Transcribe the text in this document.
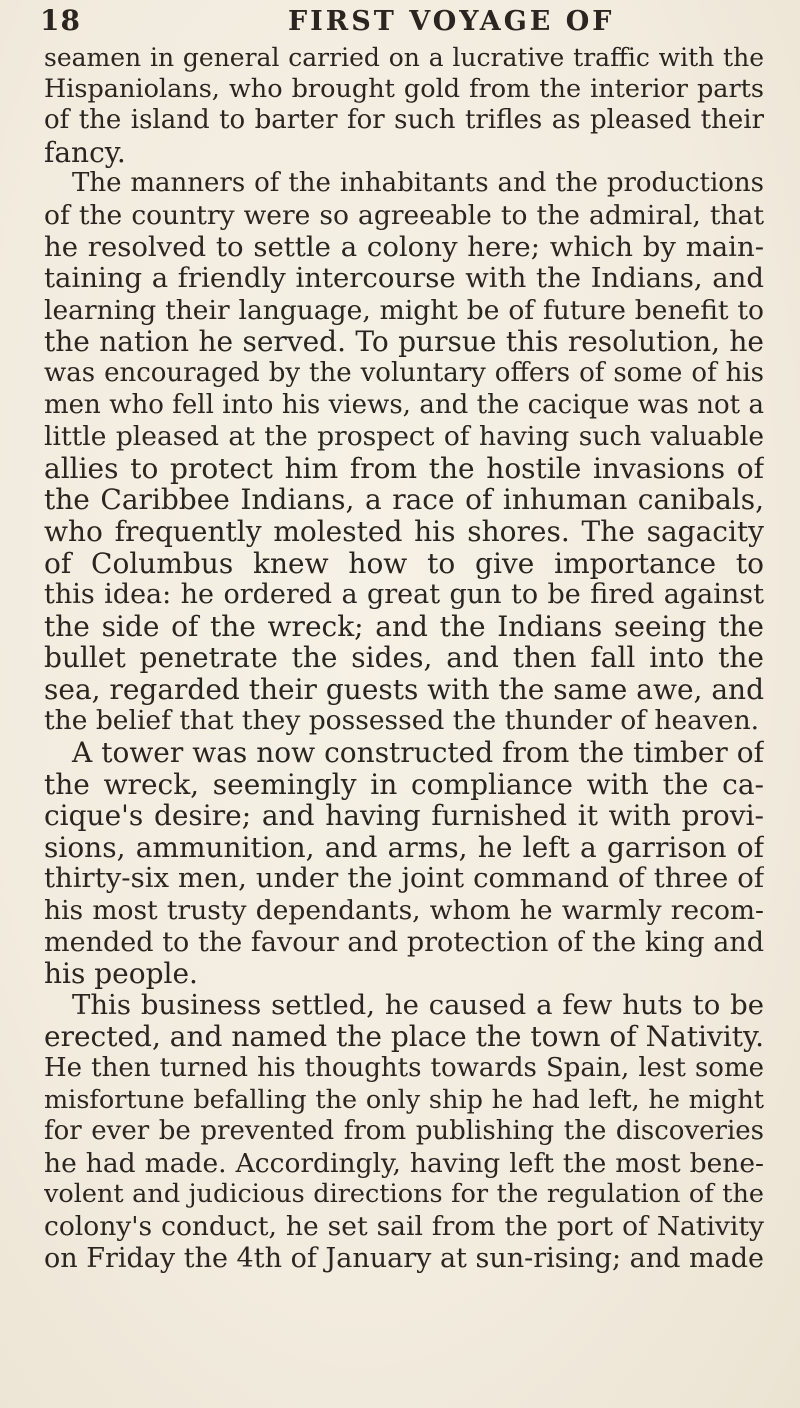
18	FIRST VOYAGE OF
seamen in general carried on a lucrative traffic with the
Hispaniolans, who brought gold from the interior parts
of the island to barter for such trifles as pleased their
fancy.
The manners of the inhabitants and the productions
of the country were so agreeable to the admiral, that
he resolved to settle a colony here; which by main-
taining a friendly intercourse with the Indians, and
learning their language, might be of future benefit to
the nation he served. To pursue this resolution, he
was encouraged by the voluntary offers of some of his
men who fell into his views, and the cacique was not a
little pleased at the prospect of having such valuable
allies to protect him from the hostile invasions of
the Caribbee Indians, a race of inhuman canibals,
who frequently molested his shores. The sagacity
of Columbus knew how to give importance to
this idea: he ordered a great gun to be fired against
the side of the wreck; and the Indians seeing the
bullet penetrate the sides, and then fall into the
sea, regarded their guests with the same awe, and
the belief that they possessed the thunder of heaven.
A tower was now constructed from the timber of
the wreck, seemingly in compliance with the ca-
cique's desire; and having furnished it with provi-
sions, ammunition, and arms, he left a garrison of
thirty-six men, under the joint command of three of
his most trusty dependants, whom he warmly recom-
mended to the favour and protection of the king and
his people.
This business settled, he caused a few huts to be
erected, and named the place the town of Nativity.
He then turned his thoughts towards Spain, lest some
misfortune befalling the only ship he had left, he might
for ever be prevented from publishing the discoveries
he had made. Accordingly, having left the most bene-
volent and judicious directions for the regulation of the
colony's conduct, he set sail from the port of Nativity
on Friday the 4th of January at sun-rising; and made
